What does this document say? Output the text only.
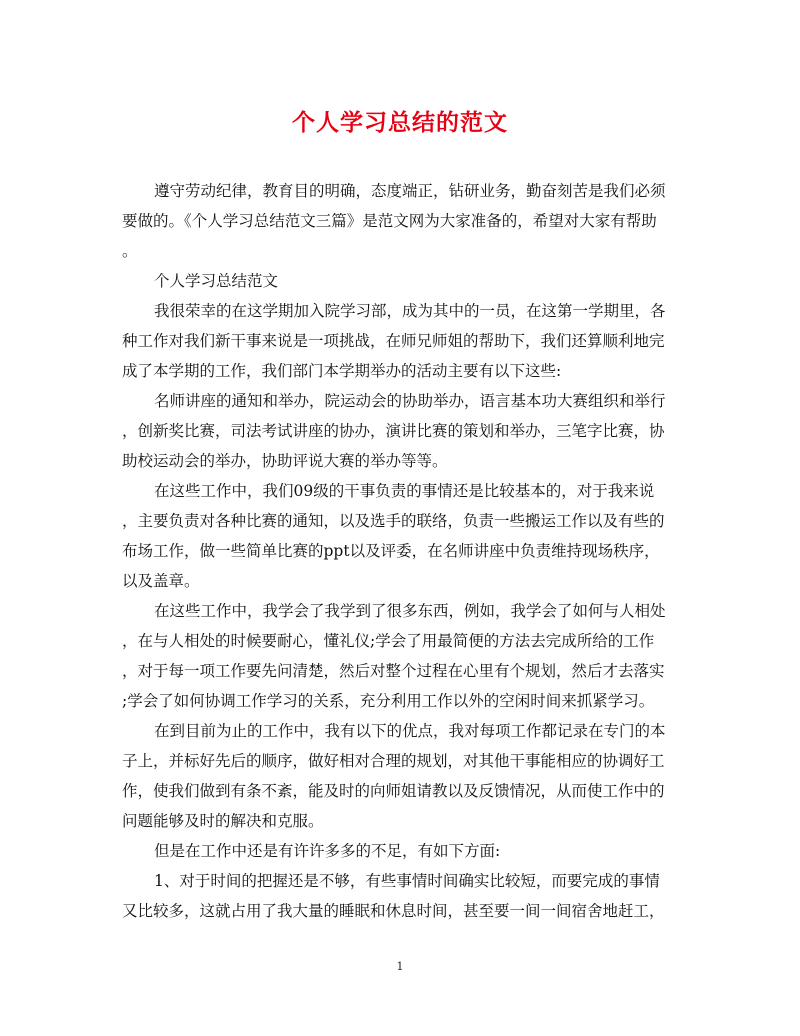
个人学习总结的范文
遵守劳动纪律，教育目的明确，态度端正，钻研业务，勤奋刻苦是我们必须
要做的。《个人学习总结范文三篇》是范文网为大家准备的，希望对大家有帮助
。
个人学习总结范文
我很荣幸的在这学期加入院学习部，成为其中的一员，在这第一学期里，各
种工作对我们新干事来说是一项挑战，在师兄师姐的帮助下，我们还算顺利地完
成了本学期的工作，我们部门本学期举办的活动主要有以下这些:
名师讲座的通知和举办，院运动会的协助举办，语言基本功大赛组织和举行
，创新奖比赛，司法考试讲座的协办，演讲比赛的策划和举办，三笔字比赛，协
助校运动会的举办，协助评说大赛的举办等等。
在这些工作中，我们09级的干事负责的事情还是比较基本的，对于我来说
，主要负责对各种比赛的通知，以及选手的联络，负责一些搬运工作以及有些的
布场工作，做一些简单比赛的ppt以及评委，在名师讲座中负责维持现场秩序，
以及盖章。
在这些工作中，我学会了我学到了很多东西，例如，我学会了如何与人相处
，在与人相处的时候要耐心，懂礼仪;学会了用最简便的方法去完成所给的工作
，对于每一项工作要先问清楚，然后对整个过程在心里有个规划，然后才去落实
;学会了如何协调工作学习的关系，充分利用工作以外的空闲时间来抓紧学习。
在到目前为止的工作中，我有以下的优点，我对每项工作都记录在专门的本
子上，并标好先后的顺序，做好相对合理的规划，对其他干事能相应的协调好工
作，使我们做到有条不紊，能及时的向师姐请教以及反馈情况，从而使工作中的
问题能够及时的解决和克服。
但是在工作中还是有许许多多的不足，有如下方面:
1、对于时间的把握还是不够，有些事情时间确实比较短，而要完成的事情
又比较多，这就占用了我大量的睡眠和休息时间，甚至要一间一间宿舍地赶工，
1
